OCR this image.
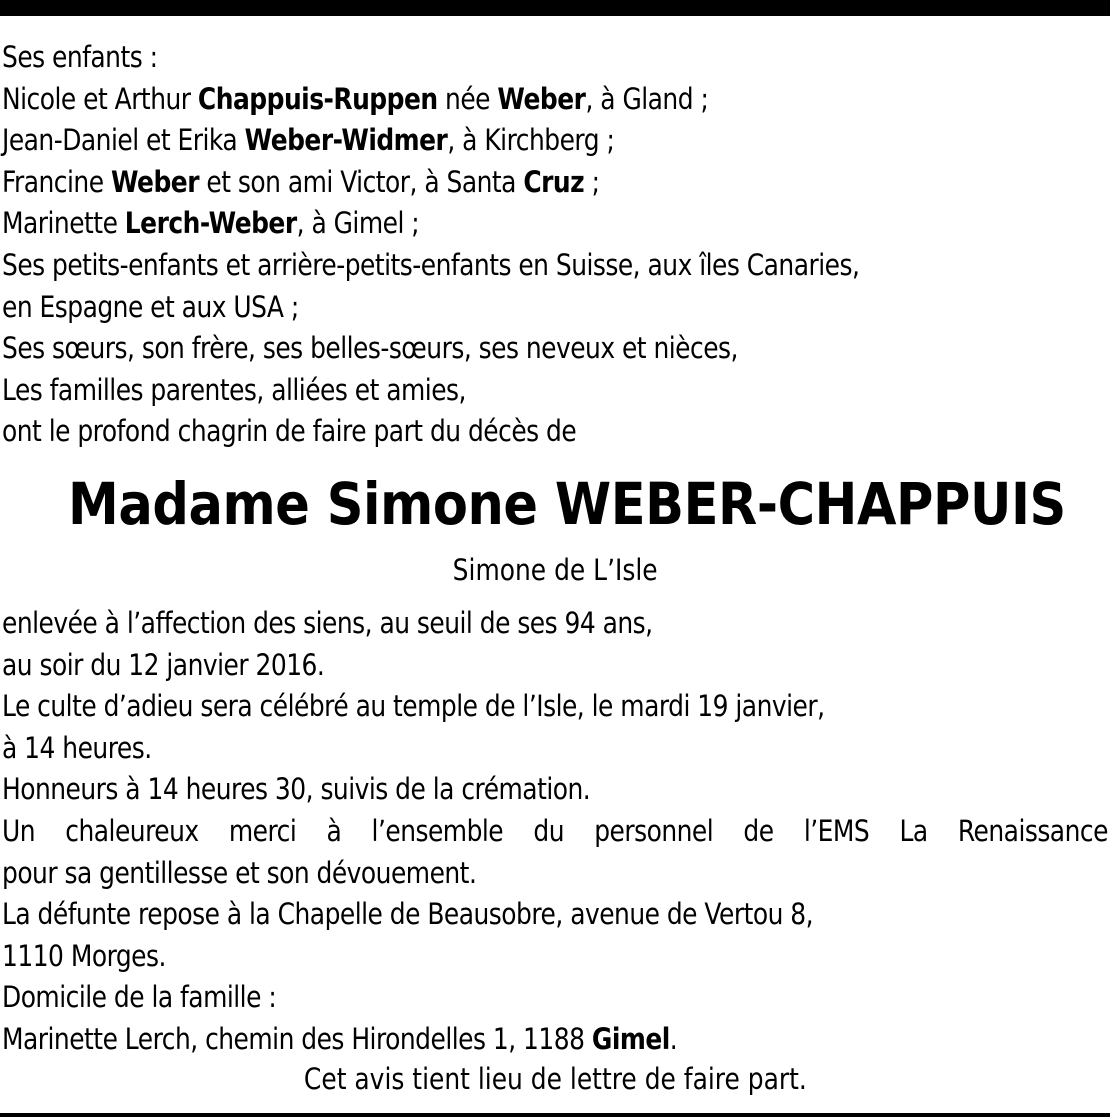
Ses enfants :
Nicole et Arthur Chappuis-Ruppen née Weber, à Gland ;
Jean-Daniel et Erika Weber-Widmer, à Kirchberg ;
Francine Weber et son ami Victor, à Santa Cruz ;
Marinette Lerch-Weber, à Gimel ;
Ses petits-enfants et arrière-petits-enfants en Suisse, aux îles Canaries,
en Espagne et aux USA ;
Ses sœurs, son frère, ses belles-sœurs, ses neveux et nièces,
Les familles parentes, alliées et amies,
ont le profond chagrin de faire part du décès de
Madame Simone WEBER-CHAPPUIS
Simone de L’Isle
enlevée à l’affection des siens, au seuil de ses 94 ans,
au soir du 12 janvier 2016.
Le culte d’adieu sera célébré au temple de l’Isle, le mardi 19 janvier,
à 14 heures.
Honneurs à 14 heures 30, suivis de la crémation.
Un chaleureux merci à l’ensemble du personnel de l’EMS La Renaissance
pour sa gentillesse et son dévouement.
La défunte repose à la Chapelle de Beausobre, avenue de Vertou 8,
1110 Morges.
Domicile de la famille :
Marinette Lerch, chemin des Hirondelles 1, 1188 Gimel.
Cet avis tient lieu de lettre de faire part.
